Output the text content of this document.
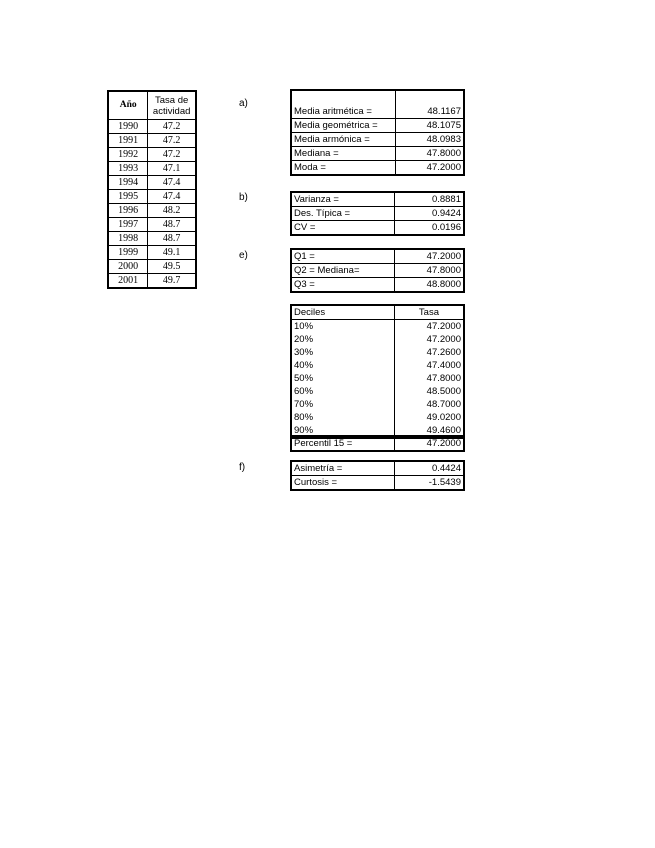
Año	Tasa de
actividad
1990	47.2
1991	47.2
1992	47.2
1993	47.1
1994	47.4
1995	47.4
1996	48.2
1997	48.7
1998	48.7
1999	49.1
2000	49.5
2001	49.7
a)
b)
e)
f)
Media aritmética =	48.1167
Media geométrica =	48.1075
Media armónica =	48.0983
Mediana =	47.8000
Moda =	47.2000
Varianza =	0.8881
Des. Típica =	0.9424
CV =	0.0196
Q1 =	47.2000
Q2 = Mediana=	47.8000
Q3 =	48.8000
Deciles	Tasa
10%	47.2000
20%	47.2000
30%	47.2600
40%	47.4000
50%	47.8000
60%	48.5000
70%	48.7000
80%	49.0200
90%	49.4600
Percentil 15 =	47.2000
Asimetría =	0.4424
Curtosis =	-1.5439
